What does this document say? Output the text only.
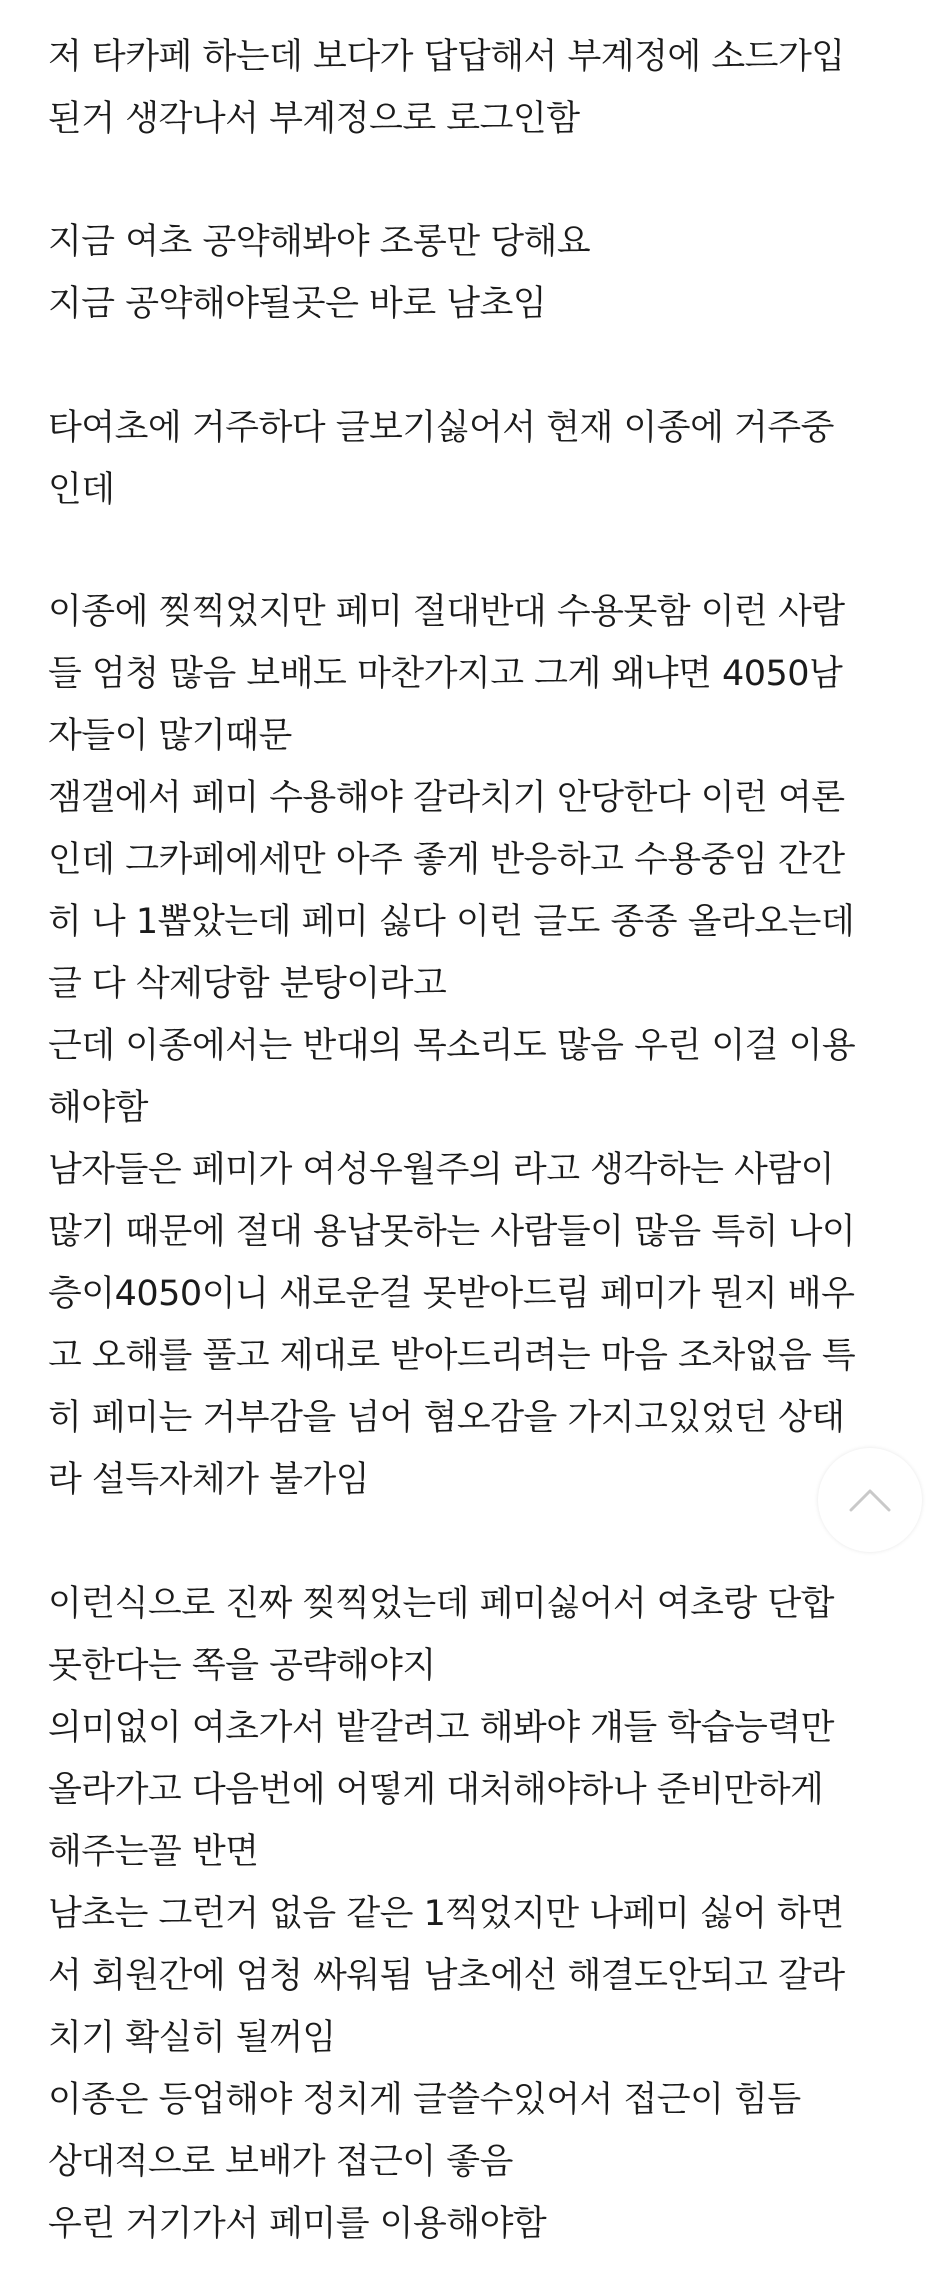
저 타카페 하는데 보다가 답답해서 부계정에 소드가입
된거 생각나서 부계정으로 로그인함
지금 여초 공약해봐야 조롱만 당해요
지금 공약해야될곳은 바로 남초임
타여초에 거주하다 글보기싫어서 현재 이종에 거주중
인데
이종에 찢찍었지만 페미 절대반대 수용못함 이런 사람
들 엄청 많음 보배도 마찬가지고 그게 왜냐면 4050남
자들이 많기때문
잼갤에서 페미 수용해야 갈라치기 안당한다 이런 여론
인데 그카페에세만 아주 좋게 반응하고 수용중임 간간
히 나 1뽑았는데 페미 싫다 이런 글도 종종 올라오는데
글 다 삭제당함 분탕이라고
근데 이종에서는 반대의 목소리도 많음 우린 이걸 이용
해야함
남자들은 페미가 여성우월주의 라고 생각하는 사람이
많기 때문에 절대 용납못하는 사람들이 많음 특히 나이
층이4050이니 새로운걸 못받아드림 페미가 뭔지 배우
고 오해를 풀고 제대로 받아드리려는 마음 조차없음 특
히 페미는 거부감을 넘어 혐오감을 가지고있었던 상태
라 설득자체가 불가임
이런식으로 진짜 찢찍었는데 페미싫어서 여초랑 단합
못한다는 쪽을 공략해야지
의미없이 여초가서 밭갈려고 해봐야 걔들 학습능력만
올라가고 다음번에 어떻게 대처해야하나 준비만하게
해주는꼴 반면
남초는 그런거 없음 같은 1찍었지만 나페미 싫어 하면
서 회원간에 엄청 싸워됨 남초에선 해결도안되고 갈라
치기 확실히 될꺼임
이종은 등업해야 정치게 글쓸수있어서 접근이 힘듬
상대적으로 보배가 접근이 좋음
우린 거기가서 페미를 이용해야함
